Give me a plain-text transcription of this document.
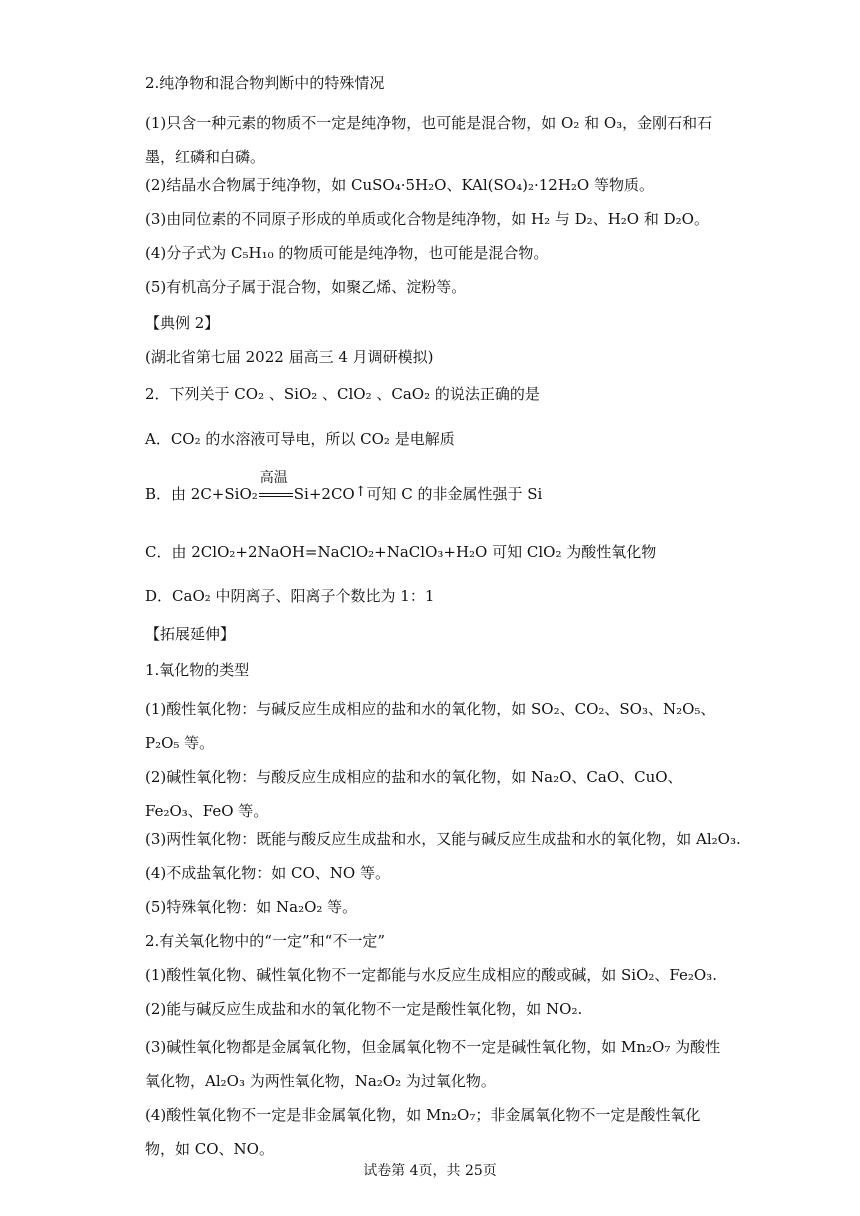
2.纯净物和混合物判断中的特殊情况
(1)只含一种元素的物质不一定是纯净物，也可能是混合物，如 O₂ 和 O₃，金刚石和石墨，红磷和白磷。
(2)结晶水合物属于纯净物，如 CuSO₄·5H₂O、KAl(SO₄)₂·12H₂O 等物质。
(3)由同位素的不同原子形成的单质或化合物是纯净物，如 H₂ 与 D₂、H₂O 和 D₂O。
(4)分子式为 C₅H₁₀ 的物质可能是纯净物，也可能是混合物。
(5)有机高分子属于混合物，如聚乙烯、淀粉等。
【典例 2】
(湖北省第七届 2022 届高三 4 月调研模拟)
2．下列关于 CO₂ 、SiO₂ 、ClO₂ 、CaO₂ 的说法正确的是
A．CO₂ 的水溶液可导电，所以 CO₂ 是电解质
B．由 2C+SiO₂
高温
Si+2CO↑可知 C 的非金属性强于 Si
C．由 2ClO₂+2NaOH=NaClO₂+NaClO₃+H₂O 可知 ClO₂ 为酸性氧化物
D．CaO₂ 中阴离子、阳离子个数比为 1：1
【拓展延伸】
1.氧化物的类型
(1)酸性氧化物：与碱反应生成相应的盐和水的氧化物，如 SO₂、CO₂、SO₃、N₂O₅、P₂O₅ 等。
(2)碱性氧化物：与酸反应生成相应的盐和水的氧化物，如 Na₂O、CaO、CuO、Fe₂O₃、FeO 等。
(3)两性氧化物：既能与酸反应生成盐和水，又能与碱反应生成盐和水的氧化物，如 Al₂O₃.
(4)不成盐氧化物：如 CO、NO 等。
(5)特殊氧化物：如 Na₂O₂ 等。
2.有关氧化物中的“一定”和“不一定”
(1)酸性氧化物、碱性氧化物不一定都能与水反应生成相应的酸或碱，如 SiO₂、Fe₂O₃.
(2)能与碱反应生成盐和水的氧化物不一定是酸性氧化物，如 NO₂.
(3)碱性氧化物都是金属氧化物，但金属氧化物不一定是碱性氧化物，如 Mn₂O₇ 为酸性氧化物，Al₂O₃ 为两性氧化物，Na₂O₂ 为过氧化物。
(4)酸性氧化物不一定是非金属氧化物，如 Mn₂O₇；非金属氧化物不一定是酸性氧化物，如 CO、NO。
试卷第 4页，共 25页
